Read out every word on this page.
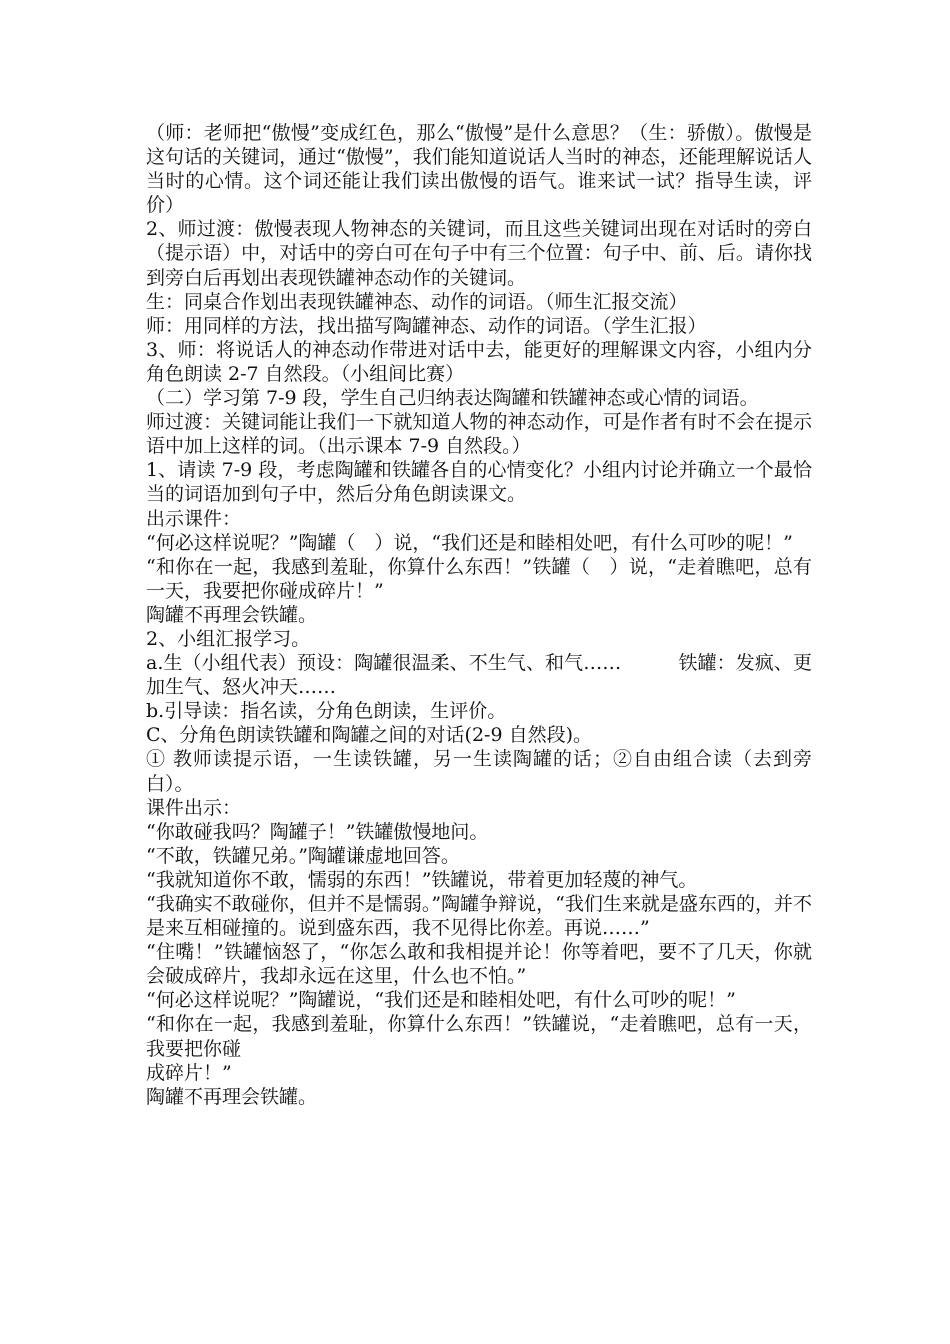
（师：老师把“傲慢”变成红色，那么“傲慢”是什么意思？（生：骄傲）。傲慢是这句话的关键词，通过“傲慢”，我们能知道说话人当时的神态，还能理解说话人当时的心情。这个词还能让我们读出傲慢的语气。谁来试一试？指导生读，评价）

2、师过渡：傲慢表现人物神态的关键词，而且这些关键词出现在对话时的旁白（提示语）中，对话中的旁白可在句子中有三个位置：句子中、前、后。请你找到旁白后再划出表现铁罐神态动作的关键词。

生：同桌合作划出表现铁罐神态、动作的词语。（师生汇报交流）

师：用同样的方法，找出描写陶罐神态、动作的词语。（学生汇报）

3、师：将说话人的神态动作带进对话中去，能更好的理解课文内容，小组内分角色朗读 2-7 自然段。（小组间比赛）

（二）学习第 7-9 段，学生自己归纳表达陶罐和铁罐神态或心情的词语。

师过渡：关键词能让我们一下就知道人物的神态动作，可是作者有时不会在提示语中加上这样的词。（出示课本 7-9 自然段。）

1、请读 7-9 段，考虑陶罐和铁罐各自的心情变化？小组内讨论并确立一个最恰当的词语加到句子中，然后分角色朗读课文。

出示课件：

“何必这样说呢？”陶罐（　）说，“我们还是和睦相处吧，有什么可吵的呢！”

“和你在一起，我感到羞耻，你算什么东西！”铁罐（　）说，“走着瞧吧，总有一天，我要把你碰成碎片！”

陶罐不再理会铁罐。

2、小组汇报学习。

a.生（小组代表）预设：陶罐很温柔、不生气、和气……　　　铁罐：发疯、更加生气、怒火冲天……

b.引导读：指名读，分角色朗读，生评价。

C、分角色朗读铁罐和陶罐之间的对话(2-9 自然段)。

① 教师读提示语，一生读铁罐，另一生读陶罐的话；②自由组合读（去到旁白）。

课件出示：

“你敢碰我吗？陶罐子！”铁罐傲慢地问。

“不敢，铁罐兄弟。”陶罐谦虚地回答。

“我就知道你不敢，懦弱的东西！”铁罐说，带着更加轻蔑的神气。

“我确实不敢碰你，但并不是懦弱。”陶罐争辩说，“我们生来就是盛东西的，并不是来互相碰撞的。说到盛东西，我不见得比你差。再说……”

“住嘴！”铁罐恼怒了，“你怎么敢和我相提并论！你等着吧，要不了几天，你就会破成碎片，我却永远在这里，什么也不怕。”

“何必这样说呢？”陶罐说，“我们还是和睦相处吧，有什么可吵的呢！”

“和你在一起，我感到羞耻，你算什么东西！”铁罐说，“走着瞧吧，总有一天，我要把你碰

成碎片！”

陶罐不再理会铁罐。
